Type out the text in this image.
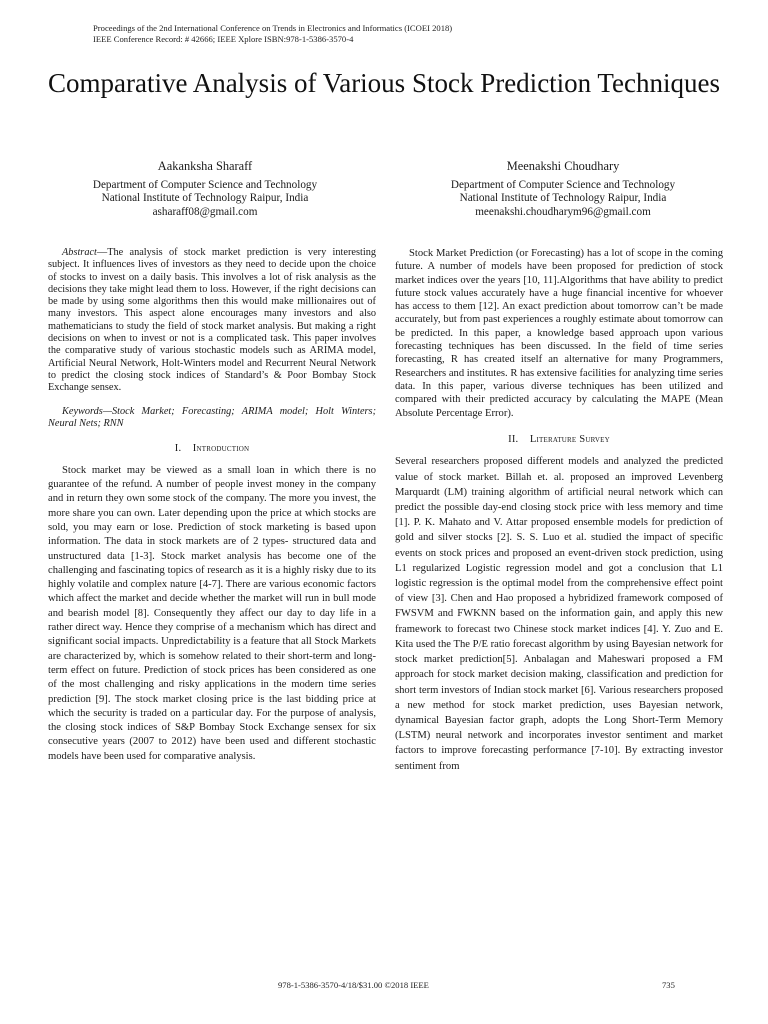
Proceedings of the 2nd International Conference on Trends in Electronics and Informatics (ICOEI 2018)
IEEE Conference Record: # 42666; IEEE Xplore ISBN:978-1-5386-3570-4
Comparative Analysis of Various Stock Prediction Techniques
Aakanksha Sharaff
Department of Computer Science and Technology
National Institute of Technology Raipur, India
asharaff08@gmail.com
Meenakshi Choudhary
Department of Computer Science and Technology
National Institute of Technology Raipur, India
meenakshi.choudharym96@gmail.com

Abstract—The analysis of stock market prediction is very interesting subject. It influences lives of investors as they need to decide upon the choice of stocks to invest on a daily basis. This involves a lot of risk analysis as the decisions they take might lead them to loss. However, if the right decisions can be made by using some algorithms then this would make millionaires out of many investors. This aspect alone encourages many investors and also mathematicians to study the field of stock market analysis. But making a right decisions on when to invest or not is a complicated task. This paper involves the comparative study of various stochastic models such as ARIMA model, Artificial Neural Network, Holt-Winters model and Recurrent Neural Network to predict the closing stock indices of Standard’s & Poor Bombay Stock Exchange sensex.

Keywords—Stock Market; Forecasting; ARIMA model; Holt Winters; Neural Nets; RNN

I. Introduction

Stock market may be viewed as a small loan in which there is no guarantee of the refund. A number of people invest money in the company and in return they own some stock of the company. The more you invest, the more share you can own. Later depending upon the price at which stocks are sold, you may earn or lose. Prediction of stock marketing is based upon information. The data in stock markets are of 2 types- structured data and unstructured data [1-3]. Stock market analysis has become one of the challenging and fascinating topics of research as it is a highly risky due to its highly volatile and complex nature [4-7]. There are various economic factors which affect the market and decide whether the market will run in bull mode and bearish model [8]. Consequently they affect our day to day life in a rather direct way. Hence they comprise of a mechanism which has direct and significant social impacts. Unpredictability is a feature that all Stock Markets are characterized by, which is somehow related to their short-term and long-term effect on future. Prediction of stock prices has been considered as one of the most challenging and risky applications in the modern time series prediction [9]. The stock market closing price is the last bidding price at which the security is traded on a particular day. For the purpose of analysis, the closing stock indices of S&P Bombay Stock Exchange sensex for six consecutive years (2007 to 2012) have been used and different stochastic models have been used for comparative analysis.

Stock Market Prediction (or Forecasting) has a lot of scope in the coming future. A number of models have been proposed for prediction of stock market indices over the years [10, 11].Algorithms that have ability to predict future stock values accurately have a huge financial incentive for whoever has access to them [12]. An exact prediction about tomorrow can’t be made accurately, but from past experiences a roughly estimate about tomorrow can be predicted. In this paper, a knowledge based approach upon various forecasting techniques has been discussed. In the field of time series forecasting, R has created itself an alternative for many Programmers, Researchers and institutes. R has extensive facilities for analyzing time series data. In this paper, various diverse techniques has been utilized and compared with their predicted accuracy by calculating the MAPE (Mean Absolute Percentage Error).

II. Literature Survey

Several researchers proposed different models and analyzed the predicted value of stock market. Billah et. al. proposed an improved Levenberg Marquardt (LM) training algorithm of artificial neural network which can predict the possible day-end closing stock price with less memory and time [1]. P. K. Mahato and V. Attar proposed ensemble models for prediction of gold and silver stocks [2]. S. S. Luo et al. studied the impact of specific events on stock prices and proposed an event-driven stock prediction, using L1 regularized Logistic regression model and got a conclusion that L1 logistic regression is the optimal model from the comprehensive effect point of view [3]. Chen and Hao proposed a hybridized framework composed of FWSVM and FWKNN based on the information gain, and apply this new framework to forecast two Chinese stock market indices [4]. Y. Zuo and E. Kita used the The P/E ratio forecast algorithm by using Bayesian network for stock market prediction[5]. Anbalagan and Maheswari proposed a FM approach for stock market decision making, classification and prediction for short term investors of Indian stock market [6]. Various researchers proposed a new method for stock market prediction, uses Bayesian network, dynamical Bayesian factor graph, adopts the Long Short-Term Memory (LSTM) neural network and incorporates investor sentiment and market factors to improve forecasting performance [7-10]. By extracting investor sentiment from

978-1-5386-3570-4/18/$31.00 ©2018 IEEE	735
